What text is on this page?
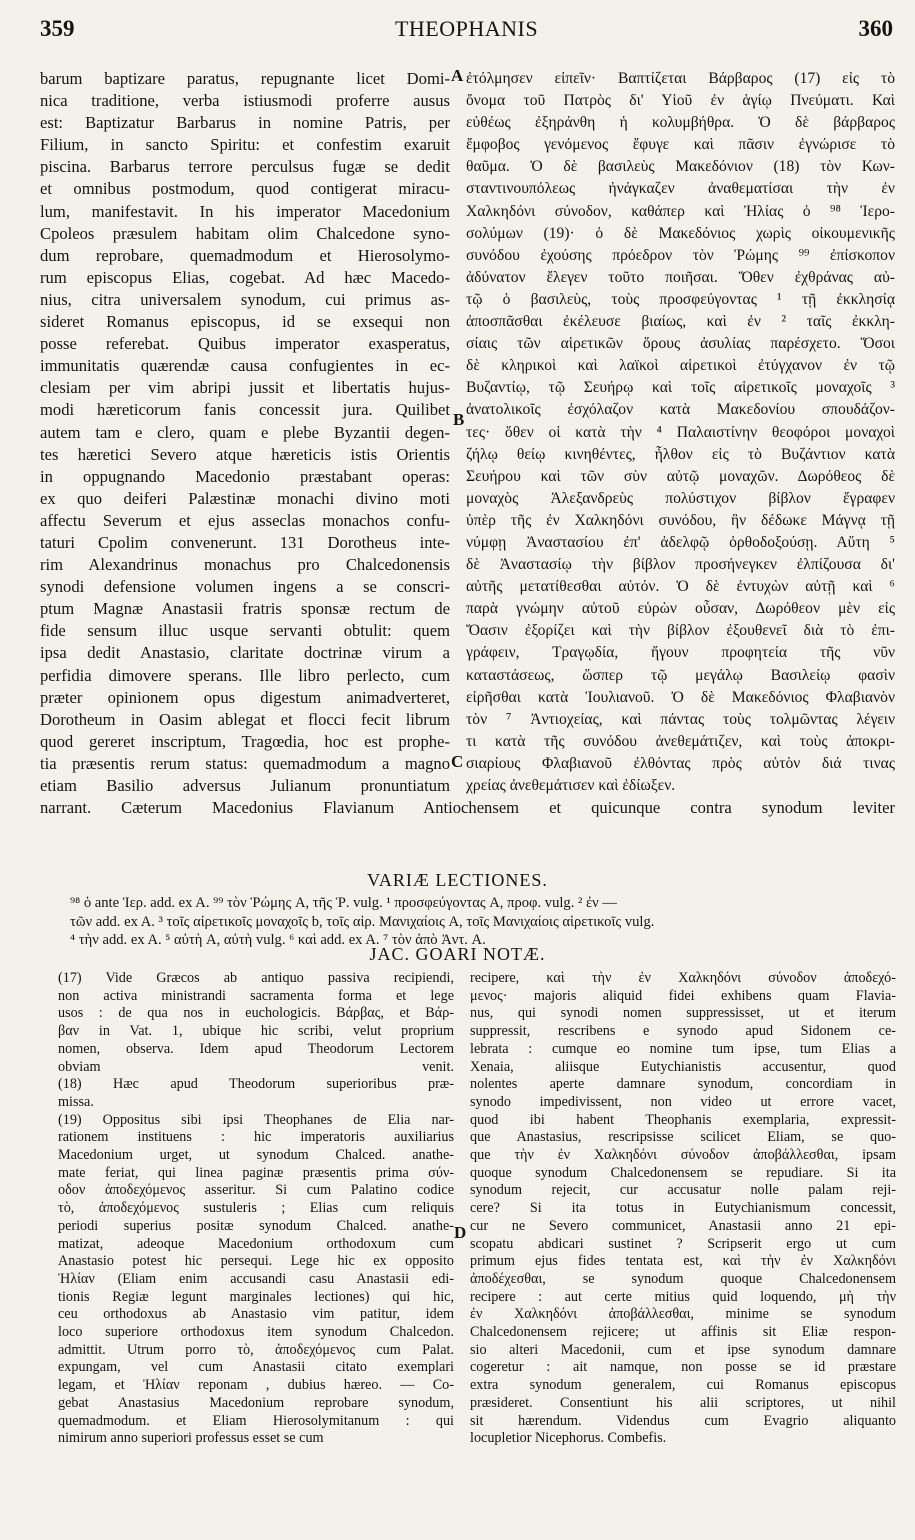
359	THEOPHANIS	360
barum baptizare paratus, repugnante licet Domi-
nica traditione, verba istiusmodi proferre ausus
est: Baptizatur Barbarus in nomine Patris, per
Filium, in sancto Spiritu: et confestim exaruit
piscina. Barbarus terrore perculsus fugæ se dedit
et omnibus postmodum, quod contigerat miracu-
lum, manifestavit. In his imperator Macedonium
Cpoleos præsulem habitam olim Chalcedone syno-
dum reprobare, quemadmodum et Hierosolymo-
rum episcopus Elias, cogebat. Ad hæc Macedo-
nius, citra universalem synodum, cui primus as-
sideret Romanus episcopus, id se exsequi non
posse referebat. Quibus imperator exasperatus,
immunitatis quærendæ causa confugientes in ec-
clesiam per vim abripi jussit et libertatis hujus-
modi hæreticorum fanis concessit jura. Quilibet
autem tam e clero, quam e plebe Byzantii degen-
tes hæretici Severo atque hæreticis istis Orientis
in oppugnando Macedonio præstabant operas:
ex quo deiferi Palæstinæ monachi divino moti
affectu Severum et ejus asseclas monachos confu-
taturi Cpolim convenerunt. 131 Dorotheus inte-
rim Alexandrinus monachus pro Chalcedonensis
synodi defensione volumen ingens a se conscri-
ptum Magnæ Anastasii fratris sponsæ rectum de
fide sensum illuc usque servanti obtulit: quem
ipsa dedit Anastasio, claritate doctrinæ virum a
perfidia dimovere sperans. Ille libro perlecto, cum
præter opinionem opus digestum animadverteret,
Dorotheum in Oasim ablegat et flocci fecit librum
quod gereret inscriptum, Tragœdia, hoc est prophe-
tia præsentis rerum status: quemadmodum a magno
etiam Basilio adversus Julianum pronuntiatum
narrant. Cæterum Macedonius Flavianum Antiochensem et quicunque contra synodum leviter
ἐτόλμησεν εἰπεῖν· Βαπτίζεται Βάρβαρος (17) εἰς τὸ
ὄνομα τοῦ Πατρὸς δι' Υἱοῦ ἐν ἁγίῳ Πνεύματι. Καὶ
εὐθέως ἐξηράνθη ἡ κολυμβήθρα. Ὁ δὲ βάρβαρος
ἔμφοβος γενόμενος ἔφυγε καὶ πᾶσιν ἐγνώρισε τὸ
θαῦμα. Ὁ δὲ βασιλεὺς Μακεδόνιον (18) τὸν Κων-
σταντινουπόλεως ἠνάγκαζεν ἀναθεματίσαι τὴν ἐν
Χαλκηδόνι σύνοδον, καθάπερ καὶ Ἠλίας ὁ ⁹⁸ Ἱερο-
σολύμων (19)· ὁ δὲ Μακεδόνιος χωρὶς οἰκουμενικῆς
συνόδου ἐχούσης πρόεδρον τὸν Ῥώμης ⁹⁹ ἐπίσκοπον
ἀδύνατον ἔλεγεν τοῦτο ποιῆσαι. Ὅθεν ἐχθράνας αὐ-
τῷ ὁ βασιλεὺς, τοὺς προσφεύγοντας ¹ τῇ ἐκκλησίᾳ
ἀποσπᾶσθαι ἐκέλευσε βιαίως, καὶ ἐν ² ταῖς ἐκκλη-
σίαις τῶν αἱρετικῶν ὅρους ἀσυλίας παρέσχετο. Ὅσοι
δὲ κληρικοὶ καὶ λαϊκοὶ αἱρετικοὶ ἐτύγχανον ἐν τῷ
Βυζαντίῳ, τῷ Σευήρῳ καὶ τοῖς αἱρετικοῖς μοναχοῖς ³
ἀνατολικοῖς ἐσχόλαζον κατὰ Μακεδονίου σπουδάζον-
τες· ὅθεν οἱ κατὰ τὴν ⁴ Παλαιστίνην θεοφόροι μοναχοὶ
ζήλῳ θείῳ κινηθέντες, ἦλθον εἰς τὸ Βυζάντιον κατὰ
Σευήρου καὶ τῶν σὺν αὐτῷ μοναχῶν. Δωρόθεος δὲ
μοναχὸς Ἀλεξανδρεὺς πολύστιχον βίβλον ἔγραφεν
ὑπὲρ τῆς ἐν Χαλκηδόνι συνόδου, ἣν δέδωκε Μάγνᾳ τῇ
νύμφῃ Ἀναστασίου ἐπ' ἀδελφῷ ὀρθοδοξούσῃ. Αὕτη ⁵
δὲ Ἀναστασίῳ τὴν βίβλον προσήνεγκεν ἐλπίζουσα δι'
αὐτῆς μετατίθεσθαι αὐτόν. Ὁ δὲ ἐντυχὼν αὐτῇ καὶ ⁶
παρὰ γνώμην αὐτοῦ εὑρὼν οὖσαν, Δωρόθεον μὲν εἰς
Ὄασιν ἐξορίζει καὶ τὴν βίβλον ἐξουθενεῖ διὰ τὸ ἐπι-
γράφειν, Τραγῳδία, ἤγουν προφητεία τῆς νῦν
καταστάσεως, ὥσπερ τῷ μεγάλῳ Βασιλείῳ φασὶν
εἰρῆσθαι κατὰ Ἰουλιανοῦ. Ὁ δὲ Μακεδόνιος Φλαβιανὸν
τὸν ⁷ Ἀντιοχείας, καὶ πάντας τοὺς τολμῶντας λέγειν
τι κατὰ τῆς συνόδου ἀνεθεμάτιζεν, καὶ τοὺς ἀποκρι-
σιαρίους Φλαβιανοῦ ἐλθόντας πρὸς αὐτὸν διά τινας
χρείας ἀνεθεμάτισεν καὶ ἐδίωξεν.
A
B
C
D
VARIÆ LECTIONES.
⁹⁸ ὁ ante Ἱερ. add. ex A. ⁹⁹ τὸν Ῥώμης A, τῆς Ῥ. vulg. ¹ προσφεύγοντας A, προφ. vulg. ² ἐν —
τῶν add. ex A. ³ τοῖς αἱρετικοῖς μοναχοῖς b, τοῖς αἱρ. Μανιχαίοις A, τοῖς Μανιχαίοις αἱρετικοῖς vulg.
⁴ τὴν add. ex A. ⁵ αὐτὴ A, αὐτὴ vulg. ⁶ καὶ add. ex A. ⁷ τὸν ἀπὸ Ἀντ. A.
JAC. GOARI NOTÆ.
(17) Vide Græcos ab antiquo passiva recipiendi,
non activa ministrandi sacramenta forma et lege
usos : de qua nos in euchologicis. Βάρβας, et Βάρ-
βαν in Vat. 1, ubique hic scribi, velut proprium
nomen, observa. Idem apud Theodorum Lectorem
obviam venit.
(18) Hæc apud Theodorum superioribus præ-
missa.
(19) Oppositus sibi ipsi Theophanes de Elia nar-
rationem instituens : hic imperatoris auxiliarius
Macedonium urget, ut synodum Chalced. anathe-
mate feriat, qui linea paginæ præsentis prima σύν-
οδον ἀποδεχόμενος asseritur. Si cum Palatino codice
τὸ, ἀποδεχόμενος sustuleris ; Elias cum reliquis
periodi superius positæ synodum Chalced. anathe-
matizat, adeoque Macedonium orthodoxum cum
Anastasio potest hic persequi. Lege hic ex opposito
Ἠλίαν (Eliam enim accusandi casu Anastasii edi-
tionis Regiæ legunt marginales lectiones) qui hic,
ceu orthodoxus ab Anastasio vim patitur, idem
loco superiore orthodoxus item synodum Chalcedon.
admittit. Utrum porro τὸ, ἀποδεχόμενος cum Palat.
expungam, vel cum Anastasii citato exemplari
legam, et Ἠλίαν reponam , dubius hæreo. — Co-
gebat Anastasius Macedonium reprobare synodum,
quemadmodum. et Eliam Hierosolymitanum : qui
nimirum anno superiori professus esset se cum
recipere, καὶ τὴν ἐν Χαλκηδόνι σύνοδον ἀποδεχό-
μενος· majoris aliquid fidei exhibens quam Flavia-
nus, qui synodi nomen suppressisset, ut et iterum
suppressit, rescribens e synodo apud Sidonem ce-
lebrata : cumque eo nomine tum ipse, tum Elias a
Xenaia, aliisque Eutychianistis accusentur, quod
nolentes aperte damnare synodum, concordiam in
synodo impedivissent, non video ut errore vacet,
quod ibi habent Theophanis exemplaria, expressit-
que Anastasius, rescripsisse scilicet Eliam, se quo-
que τὴν ἐν Χαλκηδόνι σύνοδον ἀποβάλλεσθαι, ipsam
quoque synodum Chalcedonensem se repudiare. Si ita
synodum rejecit, cur accusatur nolle palam reji-
cere? Si ita totus in Eutychianismum concessit,
cur ne Severo communicet, Anastasii anno 21 epi-
scopatu abdicari sustinet ? Scripserit ergo ut cum
primum ejus fides tentata est, καὶ τὴν ἐν Χαλκηδόνι
ἀποδέχεσθαι, se synodum quoque Chalcedonensem
recipere : aut certe mitius quid loquendo, μὴ τὴν
ἐν Χαλκηδόνι ἀποβάλλεσθαι, minime se synodum
Chalcedonensem rejicere; ut affinis sit Eliæ respon-
sio alteri Macedonii, cum et ipse synodum damnare
cogeretur : ait namque, non posse se id præstare
extra synodum generalem, cui Romanus episcopus
præsideret. Consentiunt his alii scriptores, ut nihil
sit hærendum. Videndus cum Evagrio aliquanto
locupletior Nicephorus. Combefis.
